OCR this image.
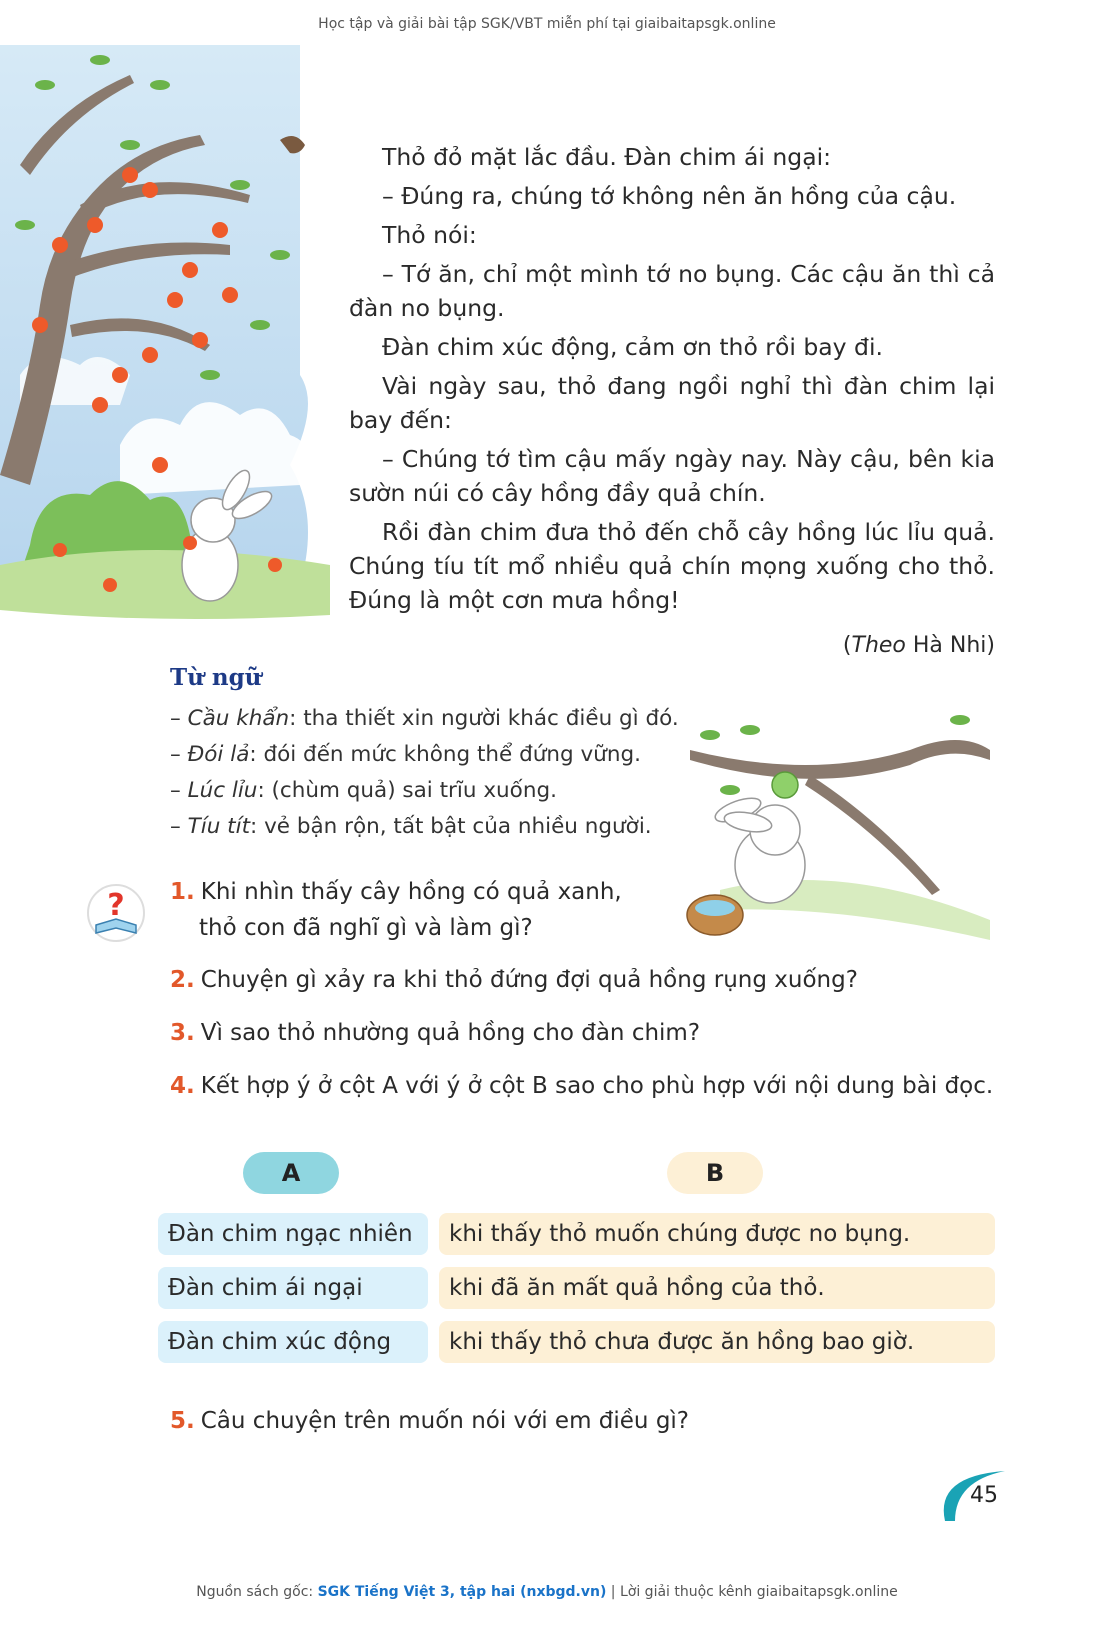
Học tập và giải bài tập SGK/VBT miễn phí tại giaibaitapsgk.online

Thỏ đỏ mặt lắc đầu. Đàn chim ái ngại:

– Đúng ra, chúng tớ không nên ăn hồng của cậu.

Thỏ nói:

– Tớ ăn, chỉ một mình tớ no bụng. Các cậu ăn thì cả đàn no bụng.

Đàn chim xúc động, cảm ơn thỏ rồi bay đi.

Vài ngày sau, thỏ đang ngồi nghỉ thì đàn chim lại bay đến:

– Chúng tớ tìm cậu mấy ngày nay. Này cậu, bên kia sườn núi có cây hồng đầy quả chín.

Rồi đàn chim đưa thỏ đến chỗ cây hồng lúc lỉu quả. Chúng tíu tít mổ nhiều quả chín mọng xuống cho thỏ. Đúng là một cơn mưa hồng!

(Theo Hà Nhi)
Từ ngữ
– Cầu khẩn: tha thiết xin người khác điều gì đó.
– Đói lả: đói đến mức không thể đứng vững.
– Lúc lỉu: (chùm quả) sai trĩu xuống.
– Tíu tít: vẻ bận rộn, tất bật của nhiều người.
? 1. Khi nhìn thấy cây hồng có quả xanh,
thỏ con đã nghĩ gì và làm gì?
2. Chuyện gì xảy ra khi thỏ đứng đợi quả hồng rụng xuống?
3. Vì sao thỏ nhường quả hồng cho đàn chim?
4. Kết hợp ý ở cột A với ý ở cột B sao cho phù hợp với nội dung bài đọc.
A	B
Đàn chim ngạc nhiên
Đàn chim ái ngại
Đàn chim xúc động
khi thấy thỏ muốn chúng được no bụng.
khi đã ăn mất quả hồng của thỏ.
khi thấy thỏ chưa được ăn hồng bao giờ.
5. Câu chuyện trên muốn nói với em điều gì?
45
Nguồn sách gốc: SGK Tiếng Việt 3, tập hai (nxbgd.vn) | Lời giải thuộc kênh giaibaitapsgk.online
